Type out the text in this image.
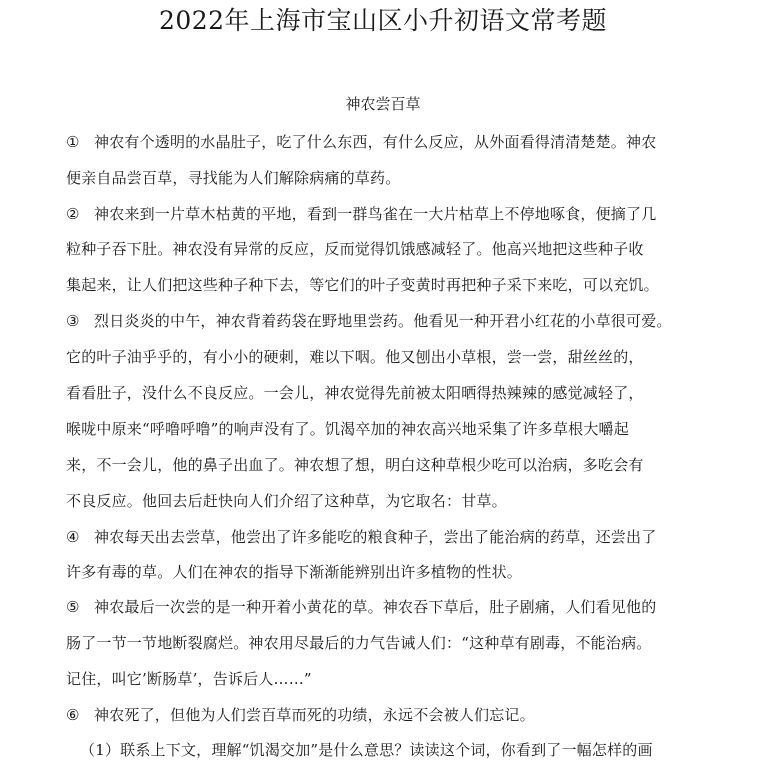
2022年上海市宝山区小升初语文常考题
神农尝百草
① 神农有个透明的水晶肚子，吃了什么东西，有什么反应，从外面看得清清楚楚。神农
便亲自品尝百草，寻找能为人们解除病痛的草药。
② 神农来到一片草木枯黄的平地，看到一群鸟雀在一大片枯草上不停地啄食，便摘了几
粒种子吞下肚。神农没有异常的反应，反而觉得饥饿感减轻了。他高兴地把这些种子收
集起来，让人们把这些种子种下去，等它们的叶子变黄时再把种子采下来吃，可以充饥。
③ 烈日炎炎的中午，神农背着药袋在野地里尝药。他看见一种开君小红花的小草很可爱。
它的叶子油乎乎的，有小小的硬刺，难以下咽。他又刨出小草根，尝一尝，甜丝丝的，
看看肚子，没什么不良反应。一会儿，神农觉得先前被太阳晒得热辣辣的感觉减轻了，
喉咙中原来“呼噜呼噜”的响声没有了。饥渴卒加的神农高兴地采集了许多草根大嚼起
来，不一会儿，他的鼻子出血了。神农想了想，明白这种草根少吃可以治病，多吃会有
不良反应。他回去后赶快向人们介绍了这种草，为它取名：甘草。
④ 神农每天出去尝草，他尝出了许多能吃的粮食种子，尝出了能治病的药草，还尝出了
许多有毒的草。人们在神农的指导下渐渐能辨别出许多植物的性状。
⑤ 神农最后一次尝的是一种开着小黄花的草。神农吞下草后，肚子剧痛，人们看见他的
肠了一节一节地断裂腐烂。神农用尽最后的力气告诫人们：“这种草有剧毒，不能治病。
记住，叫它’断肠草’，告诉后人……”
⑥ 神农死了，但他为人们尝百草而死的功绩，永远不会被人们忘记。
（1）联系上下文，理解“饥渴交加”是什么意思？读读这个词，你看到了一幅怎样的画
